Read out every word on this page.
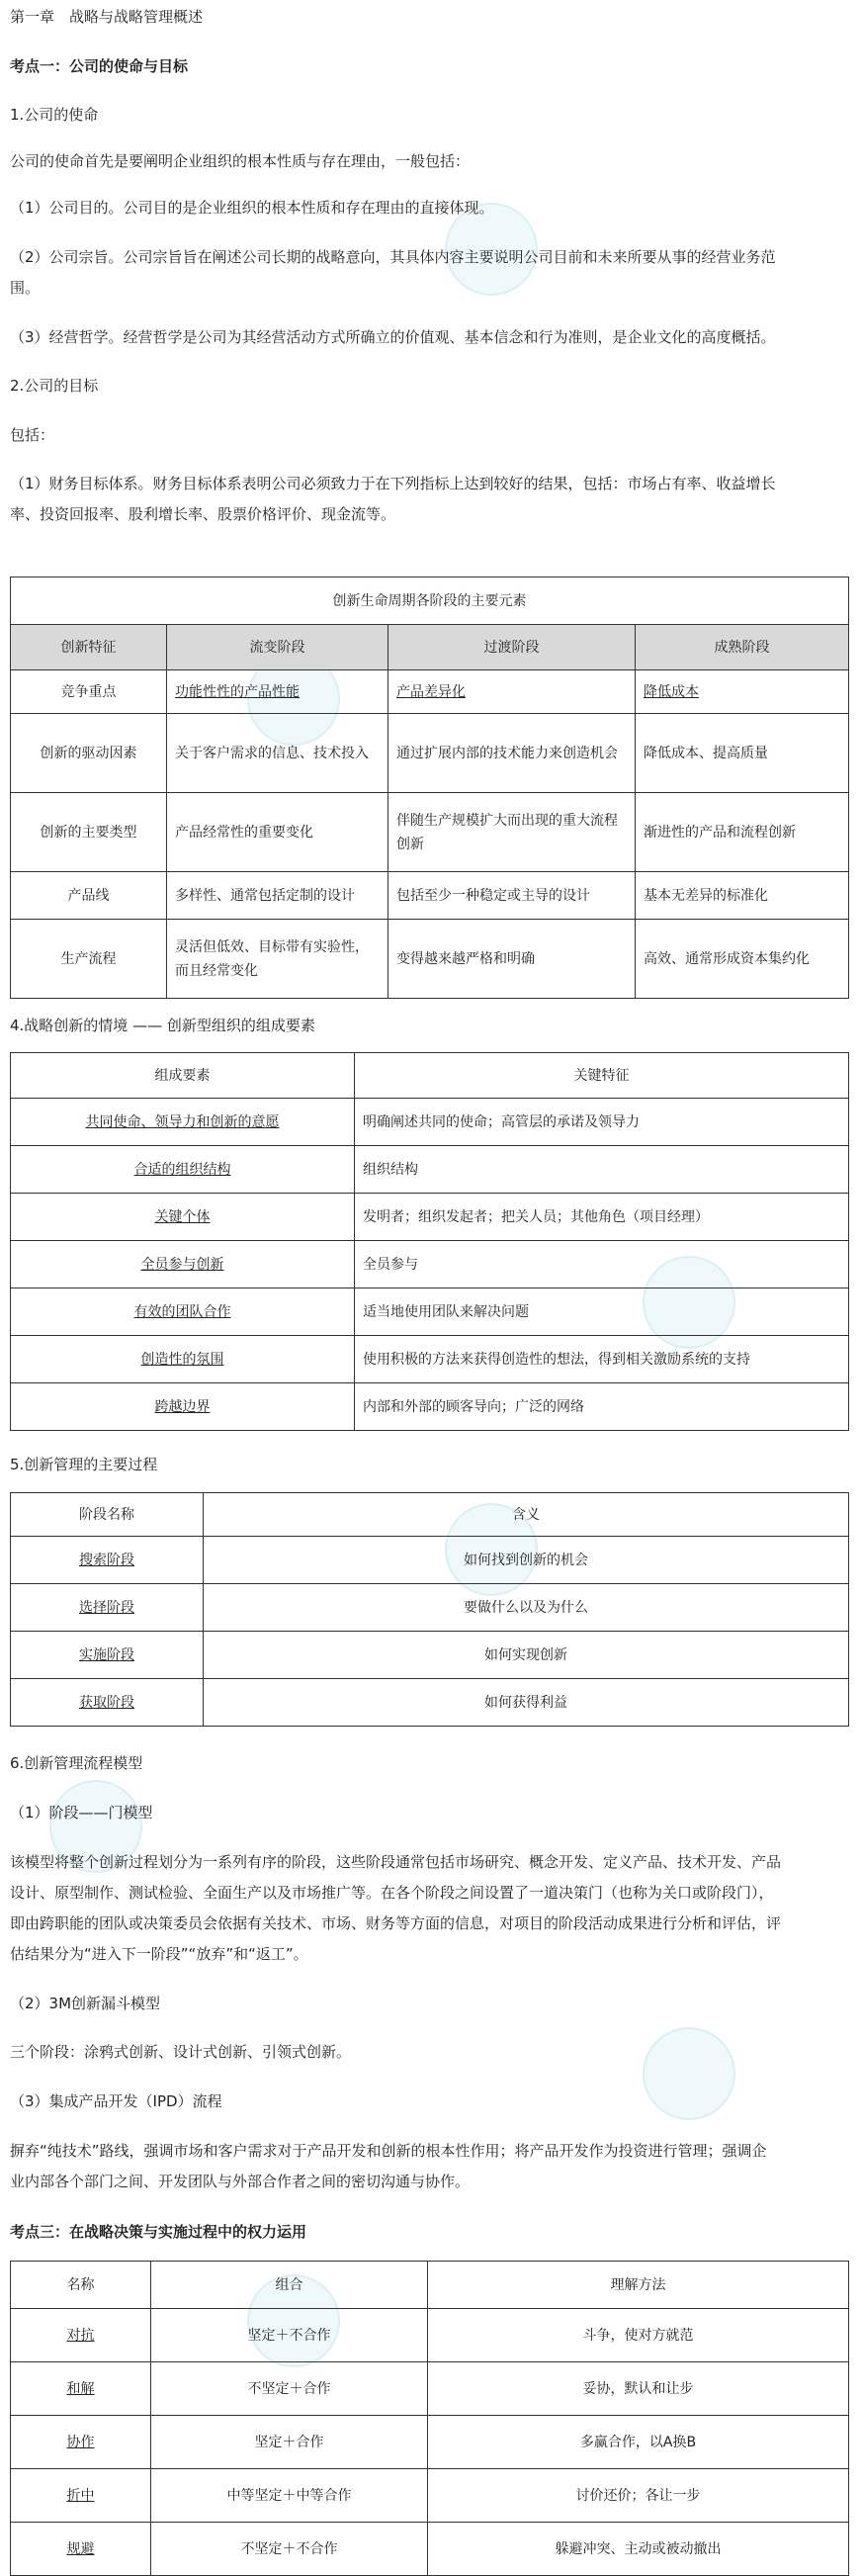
第一章　战略与战略管理概述
考点一：公司的使命与目标
1.公司的使命
公司的使命首先是要阐明企业组织的根本性质与存在理由，一般包括：
（1）公司目的。公司目的是企业组织的根本性质和存在理由的直接体现。
（2）公司宗旨。公司宗旨旨在阐述公司长期的战略意向，其具体内容主要说明公司目前和未来所要从事的经营业务范
围。
（3）经营哲学。经营哲学是公司为其经营活动方式所确立的价值观、基本信念和行为准则，是企业文化的高度概括。
2.公司的目标
包括：
（1）财务目标体系。财务目标体系表明公司必须致力于在下列指标上达到较好的结果，包括：市场占有率、收益增长
率、投资回报率、股利增长率、股票价格评价、现金流等。
创新生命周期各阶段的主要元素			
创新特征	流变阶段	过渡阶段	成熟阶段
竞争重点	功能性性的产品性能	产品差异化	降低成本
创新的驱动因素	关于客户需求的信息、技术投入	通过扩展内部的技术能力来创造机会	降低成本、提高质量
创新的主要类型	产品经常性的重要变化	伴随生产规模扩大而出现的重大流程创新	渐进性的产品和流程创新
产品线	多样性、通常包括定制的设计	包括至少一种稳定或主导的设计	基本无差异的标准化
生产流程	灵活但低效、目标带有实验性，而且经常变化	变得越来越严格和明确	高效、通常形成资本集约化
4.战略创新的情境 —— 创新型组织的组成要素
组成要素	关键特征
共同使命、领导力和创新的意愿	明确阐述共同的使命；高管层的承诺及领导力
合适的组织结构	组织结构
关键个体	发明者；组织发起者；把关人员；其他角色（项目经理）
全员参与创新	全员参与
有效的团队合作	适当地使用团队来解决问题
创造性的氛围	使用积极的方法来获得创造性的想法，得到相关激励系统的支持
跨越边界	内部和外部的顾客导向；广泛的网络
5.创新管理的主要过程
阶段名称	含义
搜索阶段	如何找到创新的机会
选择阶段	要做什么以及为什么
实施阶段	如何实现创新
获取阶段	如何获得利益
6.创新管理流程模型
（1）阶段——门模型
该模型将整个创新过程划分为一系列有序的阶段，这些阶段通常包括市场研究、概念开发、定义产品、技术开发、产品
设计、原型制作、测试检验、全面生产以及市场推广等。在各个阶段之间设置了一道决策门（也称为关口或阶段门），
即由跨职能的团队或决策委员会依据有关技术、市场、财务等方面的信息，对项目的阶段活动成果进行分析和评估，评
估结果分为“进入下一阶段”“放弃”和“返工”。
（2）3M创新漏斗模型
三个阶段：涂鸦式创新、设计式创新、引领式创新。
（3）集成产品开发（IPD）流程
摒弃“纯技术”路线，强调市场和客户需求对于产品开发和创新的根本性作用；将产品开发作为投资进行管理；强调企
业内部各个部门之间、开发团队与外部合作者之间的密切沟通与协作。
考点三：在战略决策与实施过程中的权力运用
名称	组合	理解方法
对抗	坚定＋不合作	斗争，使对方就范
和解	不坚定＋合作	妥协，默认和让步
协作	坚定＋合作	多赢合作，以A换B
折中	中等坚定＋中等合作	讨价还价；各让一步
规避	不坚定＋不合作	躲避冲突、主动或被动撤出
